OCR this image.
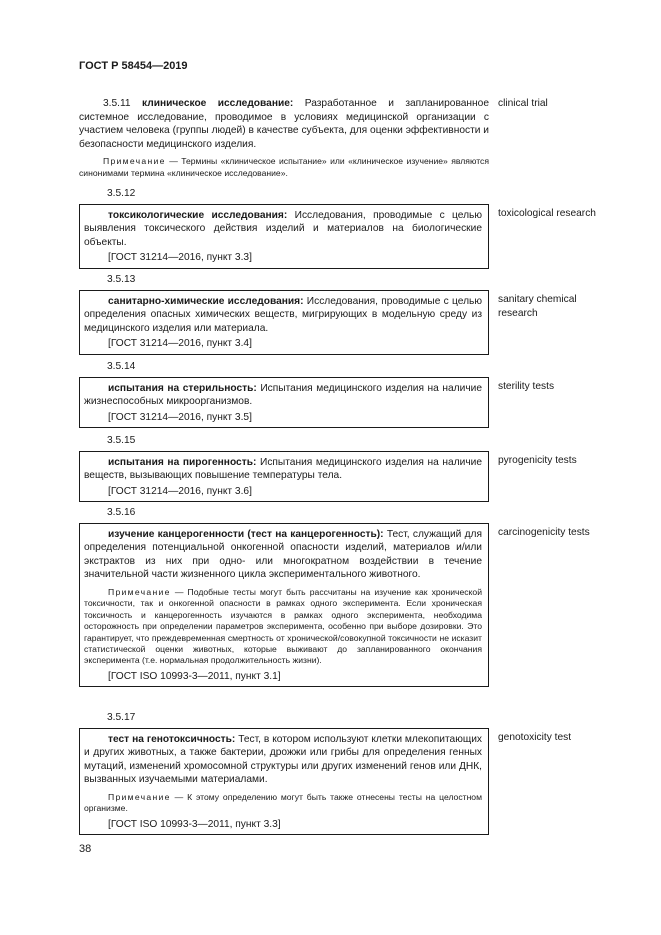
ГОСТ Р 58454—2019

3.5.11 клиническое исследование: Разработанное и запланированное системное исследование, проводимое в условиях медицинской организации с участием человека (группы людей) в качестве субъекта, для оценки эффективности и безопасности медицинского изделия.

Примечание — Термины «клиническое испытание» или «клиническое изучение» являются синонимами термина «клиническое исследование».

clinical trial
3.5.12

токсикологические исследования: Исследования, проводимые с целью выявления токсического действия изделий и материалов на биологические объекты.

[ГОСТ 31214—2016, пункт 3.3]
toxicological research
3.5.13

санитарно-химические исследования: Исследования, проводимые с целью определения опасных химических веществ, мигрирующих в модельную среду из медицинского изделия или материала.

[ГОСТ 31214—2016, пункт 3.4]
sanitary chemical research
3.5.14

испытания на стерильность: Испытания медицинского изделия на наличие жизнеспособных микроорганизмов.

[ГОСТ 31214—2016, пункт 3.5]
sterility tests
3.5.15

испытания на пирогенность: Испытания медицинского изделия на наличие веществ, вызывающих повышение температуры тела.

[ГОСТ 31214—2016, пункт 3.6]
pyrogenicity tests
3.5.16

изучение канцерогенности (тест на канцерогенность): Тест, служащий для определения потенциальной онкогенной опасности изделий, материалов и/или экстрактов из них при одно- или многократном воздействии в течение значительной части жизненного цикла экспериментального животного.

Примечание — Подобные тесты могут быть рассчитаны на изучение как хронической токсичности, так и онкогенной опасности в рамках одного эксперимента. Если хроническая токсичность и канцерогенность изучаются в рамках одного эксперимента, необходима осторожность при определении параметров эксперимента, особенно при выборе дозировки. Это гарантирует, что преждевременная смертность от хронической/совокупной токсичности не исказит статистической оценки животных, которые выживают до запланированного окончания эксперимента (т.е. нормальная продолжительность жизни).

[ГОСТ ISO 10993-3—2011, пункт 3.1]
carcinogenicity tests
3.5.17

тест на генотоксичность: Тест, в котором используют клетки млекопитающих и других животных, а также бактерии, дрожжи или грибы для определения генных мутаций, изменений хромосомной структуры или других изменений генов или ДНК, вызванных изучаемыми материалами.

Примечание — К этому определению могут быть также отнесены тесты на целостном организме.

[ГОСТ ISO 10993-3—2011, пункт 3.3]
genotoxicity test
38
